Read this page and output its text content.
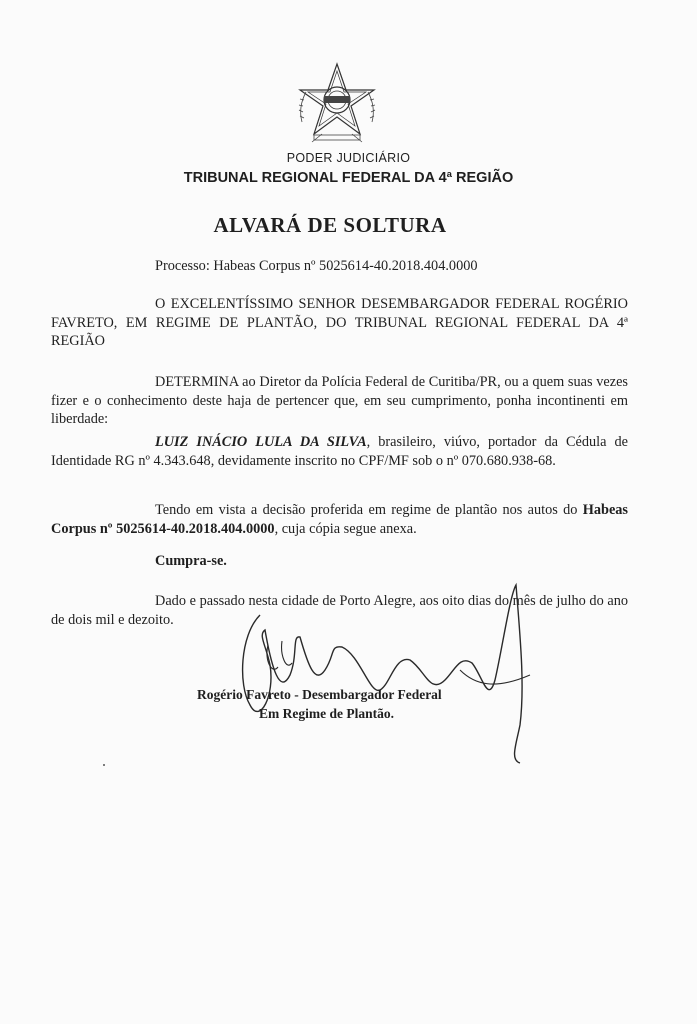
PODER JUDICIÁRIO
TRIBUNAL REGIONAL FEDERAL DA 4ª REGIÃO
ALVARÁ DE SOLTURA
Processo: Habeas Corpus nº 5025614-40.2018.404.0000
O EXCELENTÍSSIMO SENHOR DESEMBARGADOR FEDERAL ROGÉRIO FAVRETO, EM REGIME DE PLANTÃO, DO TRIBUNAL REGIONAL FEDERAL DA 4ª REGIÃO
DETERMINA ao Diretor da Polícia Federal de Curitiba/PR, ou a quem suas vezes fizer e o conhecimento deste haja de pertencer que, em seu cumprimento, ponha incontinenti em liberdade:
LUIZ INÁCIO LULA DA SILVA, brasileiro, viúvo, portador da Cédula de Identidade RG nº 4.343.648, devidamente inscrito no CPF/MF sob o nº 070.680.938-68.
Tendo em vista a decisão proferida em regime de plantão nos autos do Habeas Corpus nº 5025614-40.2018.404.0000, cuja cópia segue anexa.
Cumpra-se.
Dado e passado nesta cidade de Porto Alegre, aos oito dias do mês de julho do ano de dois mil e dezoito.
Rogério Favreto - Desembargador Federal
Em Regime de Plantão.
